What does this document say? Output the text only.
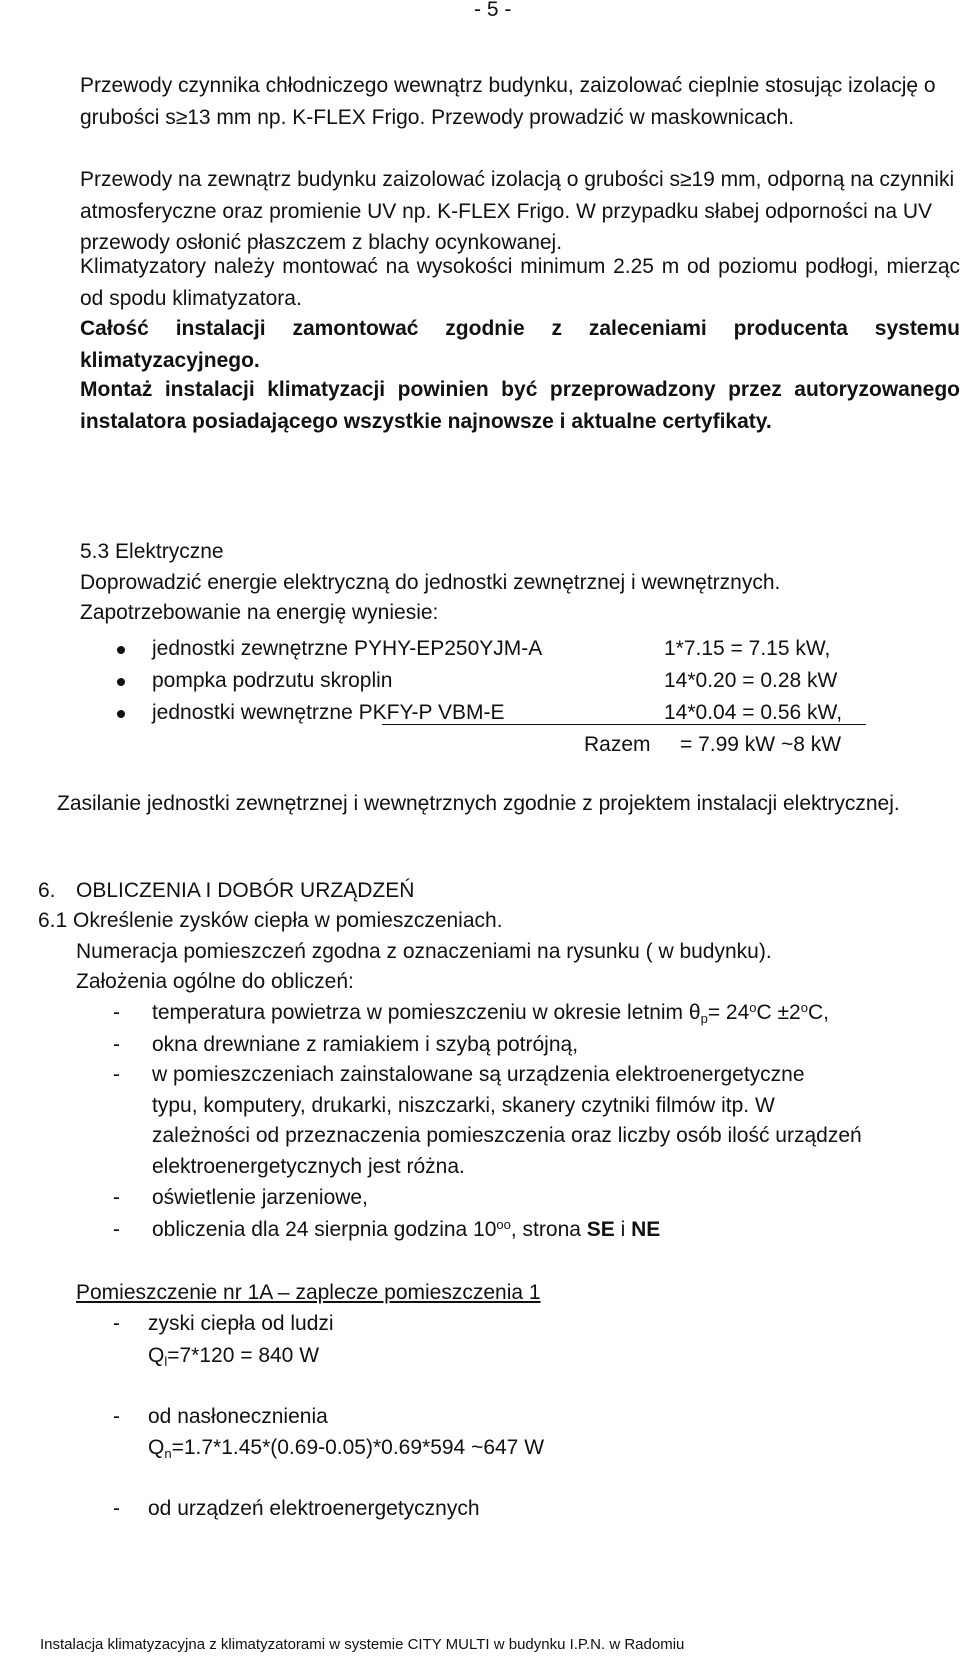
- 5 -

Przewody czynnika chłodniczego wewnątrz budynku, zaizolować cieplnie stosując izolację o grubości s≥13 mm np. K-FLEX Frigo. Przewody prowadzić w maskownicach.

Przewody na zewnątrz budynku zaizolować izolacją o grubości s≥19 mm, odporną na czynniki atmosferyczne oraz promienie UV np. K-FLEX Frigo. W przypadku słabej odporności na UV przewody osłonić płaszczem z blachy ocynkowanej.

Klimatyzatory należy montować na wysokości minimum 2.25 m od poziomu podłogi, mierząc od spodu klimatyzatora.

Całość instalacji zamontować zgodnie z zaleceniami producenta systemu klimatyzacyjnego.

Montaż instalacji klimatyzacji powinien być przeprowadzony przez autoryzowanego instalatora posiadającego wszystkie najnowsze i aktualne certyfikaty.

5.3 Elektryczne
Doprowadzić energie elektryczną do jednostki zewnętrznej i wewnętrznych.
Zapotrzebowanie na energię wyniesie:
jednostki zewnętrzne PYHY-EP250YJM-A	1*7.15 = 7.15 kW,
pompka podrzutu skroplin	14*0.20 = 0.28 kW
jednostki wewnętrzne PKFY-P VBM-E	14*0.04 = 0.56 kW,
Razem = 7.99 kW ~8 kW

Zasilanie jednostki zewnętrznej i wewnętrznych zgodnie z projektem instalacji elektrycznej.

6. OBLICZENIA I DOBÓR URZĄDZEŃ
6.1 Określenie zysków ciepła w pomieszczeniach.
Numeracja pomieszczeń zgodna z oznaczeniami na rysunku ( w budynku).
Założenia ogólne do obliczeń:
- temperatura powietrza w pomieszczeniu w okresie letnim $\theta_p= 24^oC \pm 2^oC$,
- okna drewniane z ramiakiem i szybą potrójną,
- w pomieszczeniach zainstalowane są urządzenia elektroenergetyczne
typu, komputery, drukarki, niszczarki, skanery czytniki filmów itp. W
zależności od przeznaczenia pomieszczenia oraz liczby osób ilość urządzeń
elektroenergetycznych jest różna.
- oświetlenie jarzeniowe,
- obliczenia dla 24 sierpnia godzina $10^{oo}$, strona SE i NE
Pomieszczenie nr 1A – zaplecze pomieszczenia 1
- zyski ciepła od ludzi
$Q_l=7*120 = 840$ W
- od nasłonecznienia
$Q_n=1.7*1.45*(0.69-0.05)*0.69*594$ ~647 W
- od urządzeń elektroenergetycznych
Instalacja klimatyzacyjna z klimatyzatorami w systemie CITY MULTI w budynku I.P.N. w Radomiu
